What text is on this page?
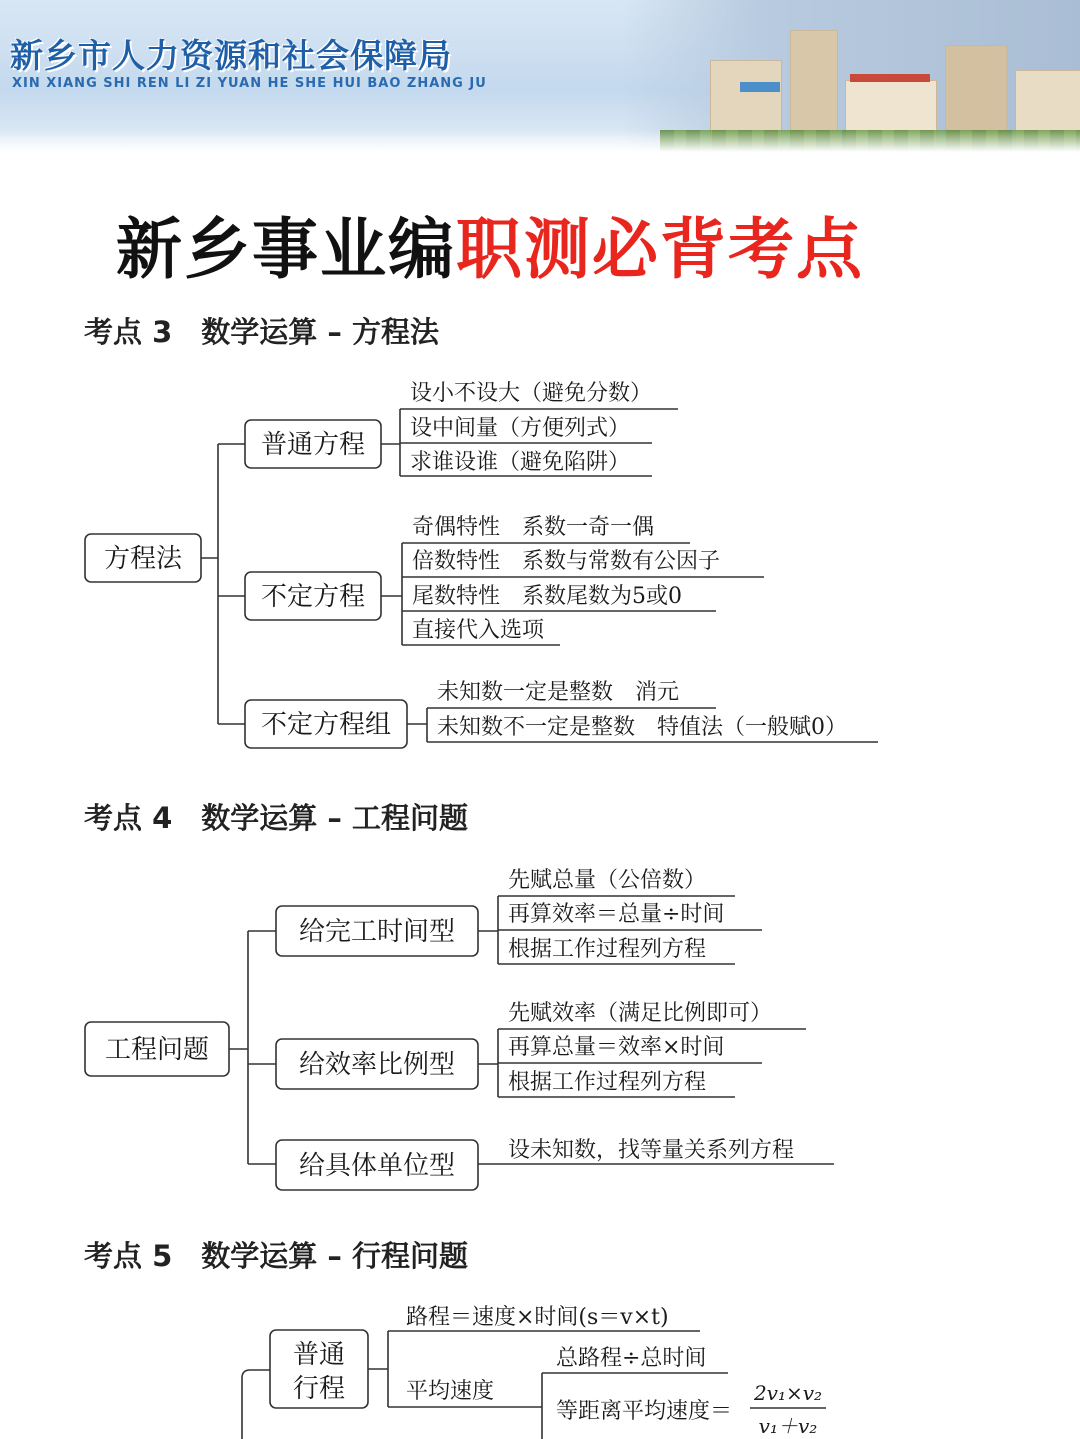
新乡市人力资源和社会保障局
XIN XIANG SHI REN LI ZI YUAN HE SHE HUI BAO ZHANG JU
新乡事业编职测必背考点
考点 3　数学运算 – 方程法
考点 4　数学运算 – 工程问题
考点 5　数学运算 – 行程问题
方程法
普通方程
设小不设大（避免分数）
设中间量（方便列式）
求谁设谁（避免陷阱）
不定方程
奇偶特性　系数一奇一偶
倍数特性　系数与常数有公因子
尾数特性　系数尾数为5或0
直接代入选项
不定方程组
未知数一定是整数　消元
未知数不一定是整数　特值法（一般赋0）
工程问题
给完工时间型
先赋总量（公倍数）
再算效率＝总量÷时间
根据工作过程列方程
给效率比例型
先赋效率（满足比例即可）
再算总量＝效率×时间
根据工作过程列方程
给具体单位型
设未知数，找等量关系列方程
普通
行程
路程＝速度×时间(s＝v×t)
平均速度
总路程÷总时间
等距离平均速度＝
2v₁×v₂
v₁＋v₂
